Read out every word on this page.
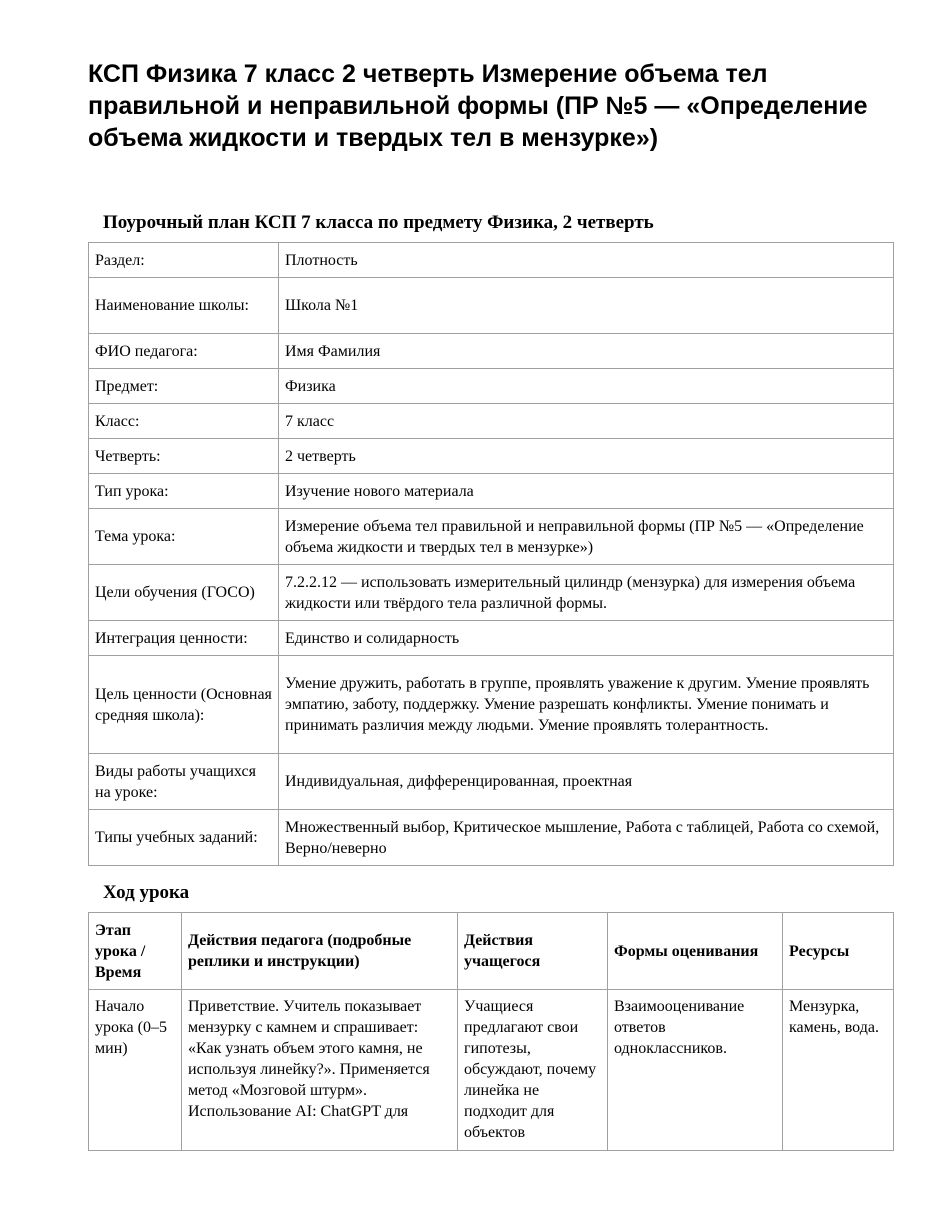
КСП Физика 7 класс 2 четверть Измерение объема тел правильной и неправильной формы (ПР №5 — «Определение объема жидкости и твердых тел в мензурке»)
Поурочный план КСП 7 класса по предмету Физика, 2 четверть
Раздел:	Плотность
Наименование школы:	Школа №1
ФИО педагога:	Имя Фамилия
Предмет:	Физика
Класс:	7 класс
Четверть:	2 четверть
Тип урока:	Изучение нового материала
Тема урока:	Измерение объема тел правильной и неправильной формы (ПР №5 — «Определение объема жидкости и твердых тел в мензурке»)
Цели обучения (ГОСО)	7.2.2.12 — использовать измерительный цилиндр (мензурка) для измерения объема жидкости или твёрдого тела различной формы.
Интеграция ценности:	Единство и солидарность
Цель ценности (Основная средняя школа):	Умение дружить, работать в группе, проявлять уважение к другим. Умение проявлять эмпатию, заботу, поддержку. Умение разрешать конфликты. Умение понимать и принимать различия между людьми. Умение проявлять толерантность.
Виды работы учащихся на уроке:	Индивидуальная, дифференцированная, проектная
Типы учебных заданий:	Множественный выбор, Критическое мышление, Работа с таблицей, Работа со схемой, Верно/неверно
Ход урока
Этап урока / Время	Действия педагога (подробные реплики и инструкции)	Действия учащегося	Формы оценивания	Ресурсы
Начало урока (0–5 мин)	Приветствие. Учитель показывает мензурку с камнем и спрашивает: «Как узнать объем этого камня, не используя линейку?». Применяется метод «Мозговой штурм». Использование AI: ChatGPT для	Учащиеся предлагают свои гипотезы, обсуждают, почему линейка не подходит для объектов	Взаимооценивание ответов одноклассников.	Мензурка, камень, вода.
